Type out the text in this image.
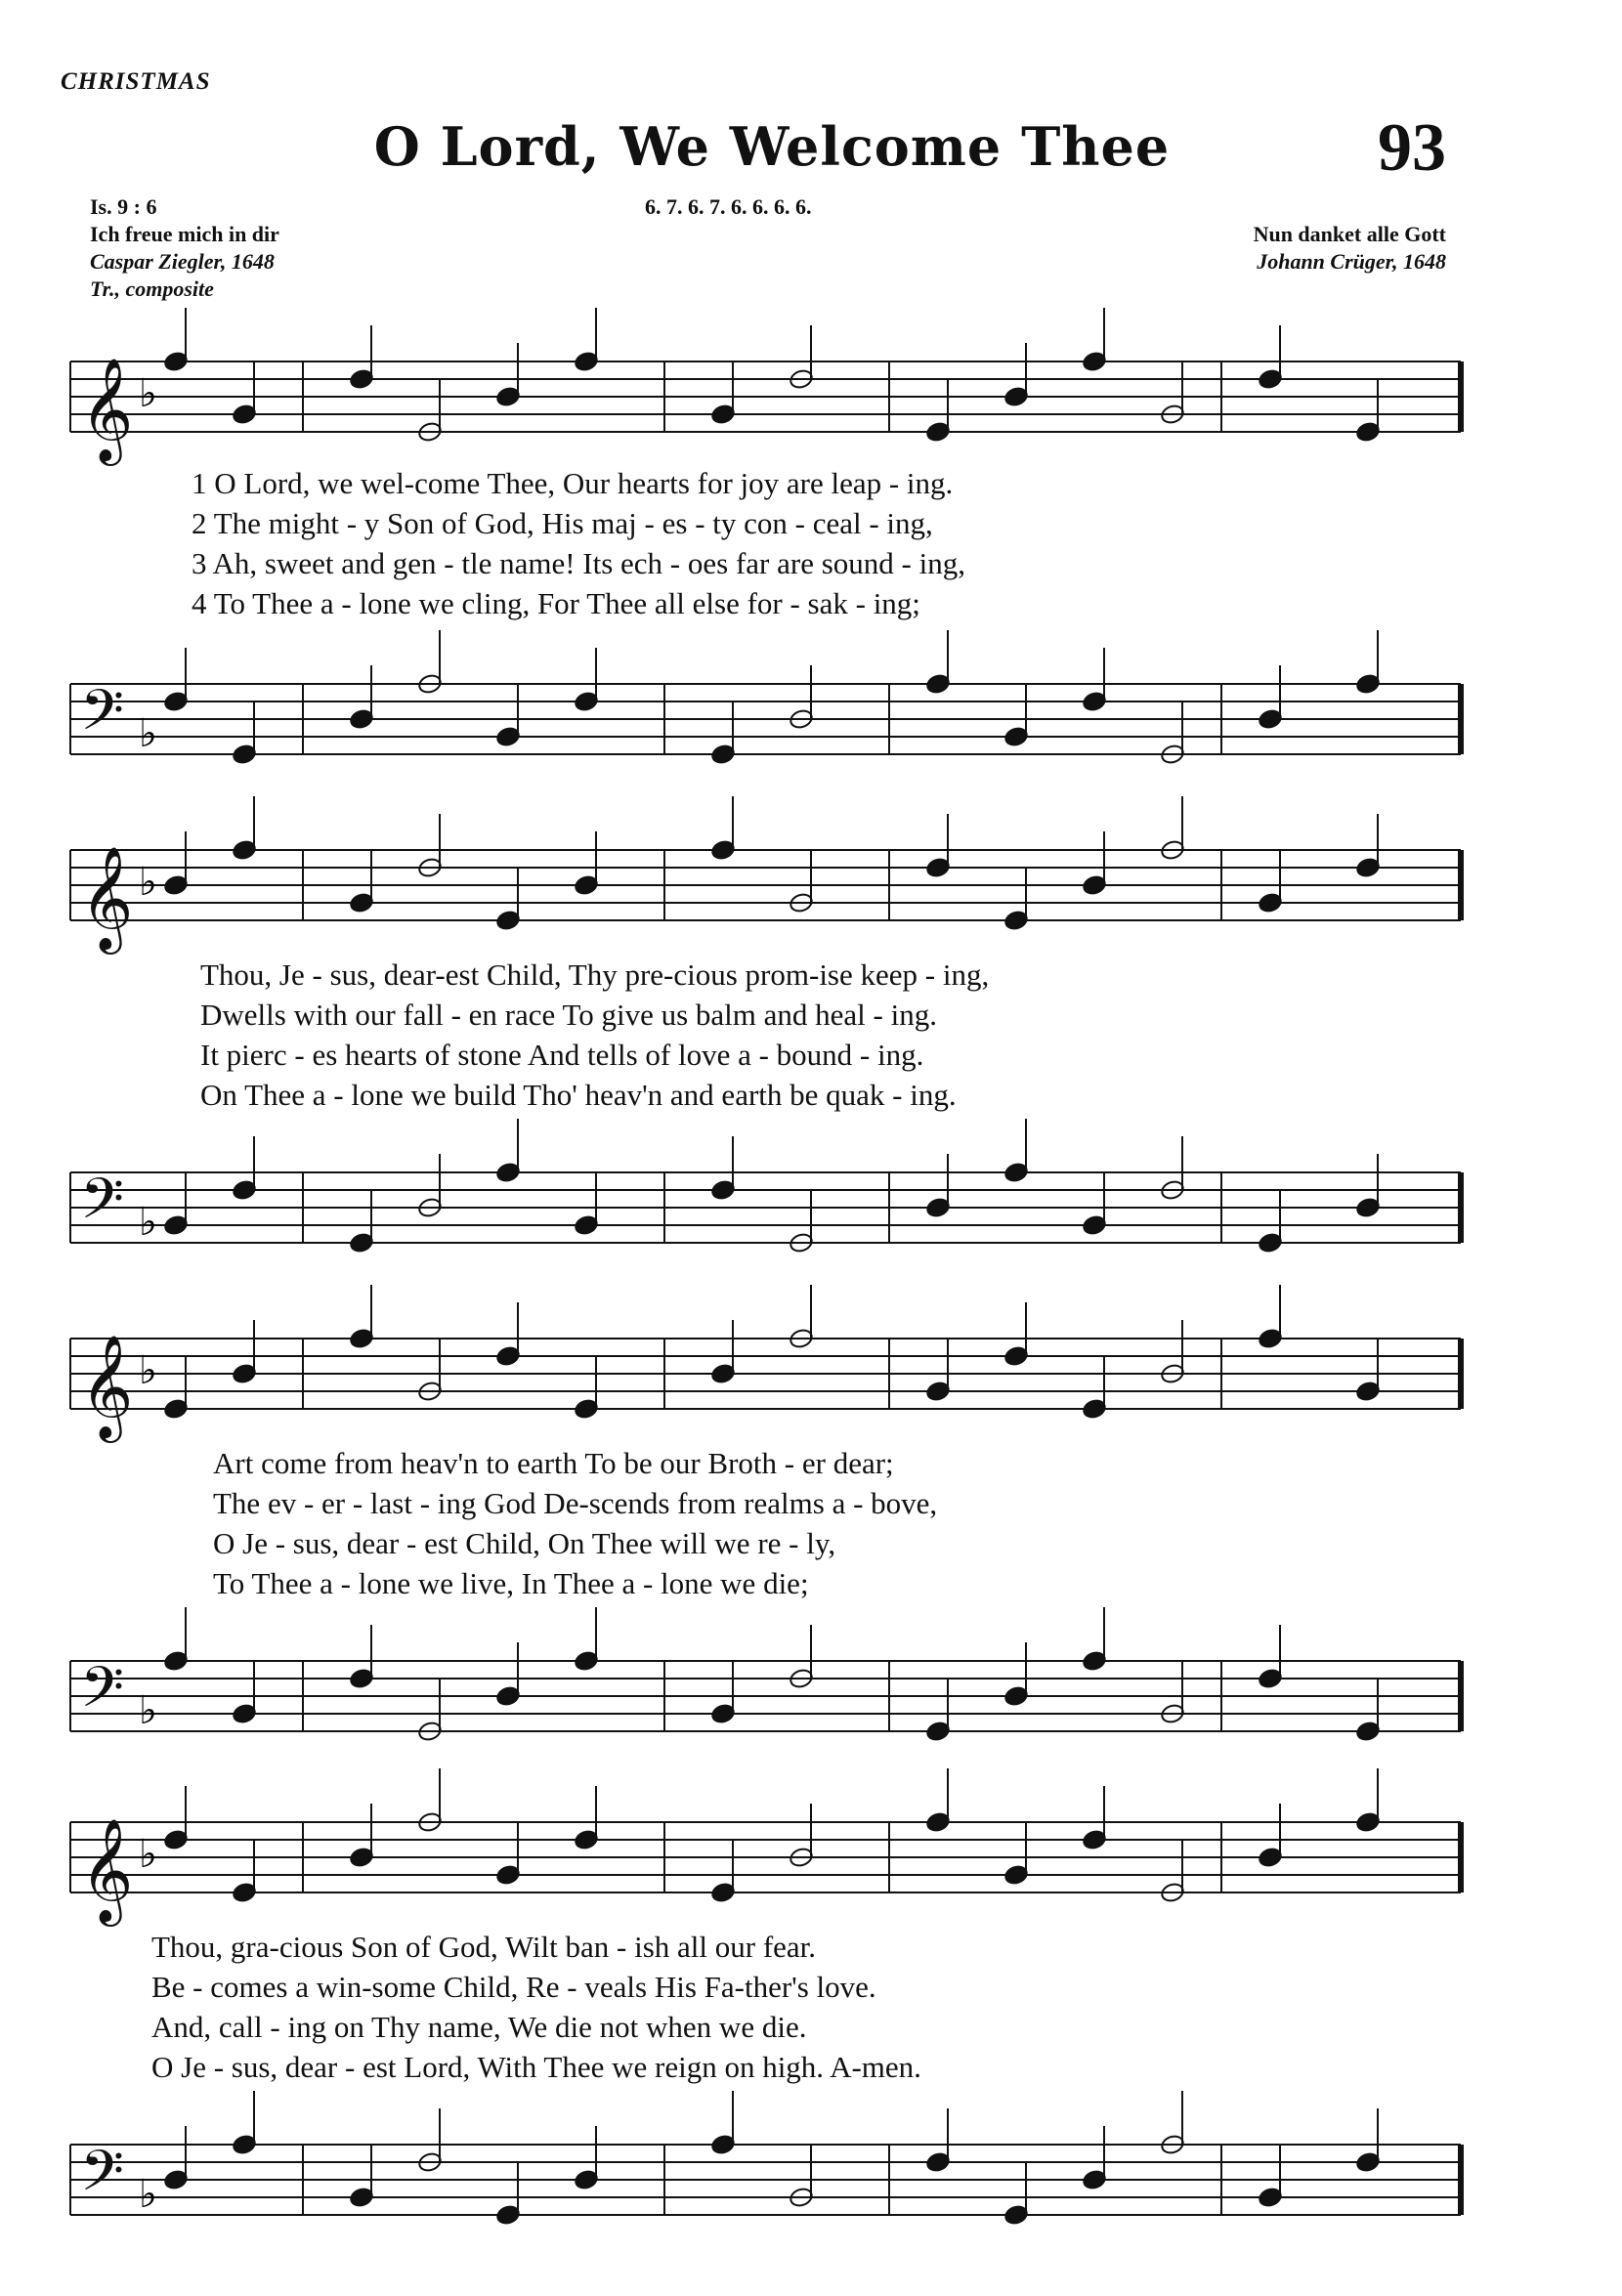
CHRISTMAS
O Lord, We Welcome Thee	93
Is. 9 : 6
Ich freue mich in dir
Caspar Ziegler, 1648
Tr., composite
6. 7. 6. 7. 6. 6. 6. 6.
Nun danket alle Gott
Johann Crüger, 1648
𝄞 ♭
1 O Lord, we wel-come Thee, Our hearts for joy are leap - ing.
2 The might - y Son of God, His maj - es - ty con - ceal - ing,
3 Ah, sweet and gen - tle name! Its ech - oes far are sound - ing,
4 To Thee a - lone we cling, For Thee all else for - sak - ing;
𝄢 ♭
𝄞 ♭
Thou, Je - sus, dear-est Child, Thy pre-cious prom-ise keep - ing,
Dwells with our fall - en race To give us balm and heal - ing.
It pierc - es hearts of stone And tells of love a - bound - ing.
On Thee a - lone we build Tho' heav'n and earth be quak - ing.
𝄢 ♭
𝄞 ♭
Art come from heav'n to earth To be our Broth - er dear;
The ev - er - last - ing God De-scends from realms a - bove,
O Je - sus, dear - est Child, On Thee will we re - ly,
To Thee a - lone we live, In Thee a - lone we die;
𝄢 ♭
𝄞 ♭
Thou, gra-cious Son of God, Wilt ban - ish all our fear.
Be - comes a win-some Child, Re - veals His Fa-ther's love.
And, call - ing on Thy name, We die not when we die.
O Je - sus, dear - est Lord, With Thee we reign on high. A-men.
𝄢 ♭
